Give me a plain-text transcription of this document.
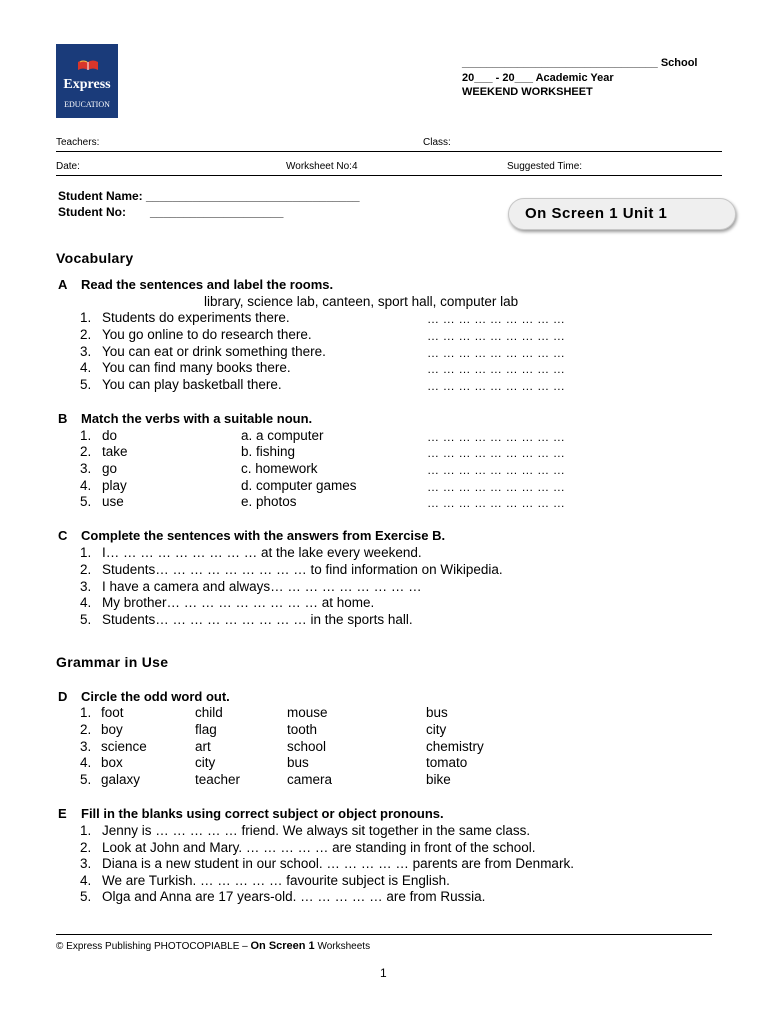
Express
EDUCATION
________________________________ School
20___ - 20___ Academic Year
WEEKEND WORKSHEET
Teachers:	Class:
Date:	Worksheet No:4	Suggested Time:
Student Name: ________________________________
Student No: ____________________	On Screen 1 Unit 1
Vocabulary
A Read the sentences and label the rooms.
library, science lab, canteen, sport hall, computer lab
1. Students do experiments there.	… … … … … … … … …
2. You go online to do research there.	… … … … … … … … …
3. You can eat or drink something there.	… … … … … … … … …
4. You can find many books there.	… … … … … … … … …
5. You can play basketball there.	… … … … … … … … …
B Match the verbs with a suitable noun.
1. do	a. a computer	… … … … … … … … …
2. take	b. fishing	… … … … … … … … …
3. go	c. homework	… … … … … … … … …
4. play	d. computer games	… … … … … … … … …
5. use	e. photos	… … … … … … … … …
C Complete the sentences with the answers from Exercise B.
1. I… … … … … … … … … at the lake every weekend.
2. Students… … … … … … … … … to find information on Wikipedia.
3. I have a camera and always… … … … … … … … …
4. My brother… … … … … … … … … at home.
5. Students… … … … … … … … … in the sports hall.
Grammar in Use
D Circle the odd word out.
1. foot	child	mouse	bus
2. boy	flag	tooth	city
3. science	art	school	chemistry
4. box	city	bus	tomato
5. galaxy	teacher	camera	bike
E Fill in the blanks using correct subject or object pronouns.
1. Jenny is … … … … … friend. We always sit together in the same class.
2. Look at John and Mary. … … … … … are standing in front of the school.
3. Diana is a new student in our school. … … … … … parents are from Denmark.
4. We are Turkish. … … … … … favourite subject is English.
5. Olga and Anna are 17 years-old. … … … … … are from Russia.
© Express Publishing PHOTOCOPIABLE – On Screen 1 Worksheets
1
